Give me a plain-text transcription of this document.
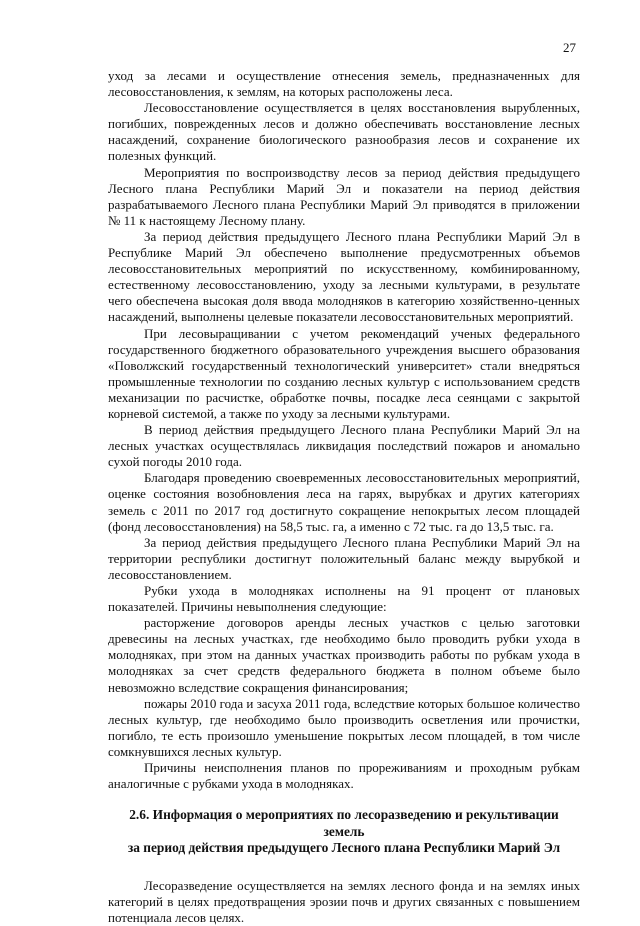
27

уход за лесами и осуществление отнесения земель, предназначенных для лесовосстановления, к землям, на которых расположены леса.

Лесовосстановление осуществляется в целях восстановления вырубленных, погибших, поврежденных лесов и должно обеспечивать восстановление лесных насаждений, сохранение биологического разнообразия лесов и сохранение их полезных функций.

Мероприятия по воспроизводству лесов за период действия предыдущего Лесного плана Республики Марий Эл и показатели на период действия разрабатываемого Лесного плана Республики Марий Эл приводятся в приложении № 11 к настоящему Лесному плану.

За период действия предыдущего Лесного плана Республики Марий Эл в Республике Марий Эл обеспечено выполнение предусмотренных объемов лесовосстановительных мероприятий по искусственному, комбинированному, естественному лесовосстановлению, уходу за лесными культурами, в результате чего обеспечена высокая доля ввода молодняков в категорию хозяйственно-ценных насаждений, выполнены целевые показатели лесовосстановительных мероприятий.

При лесовыращивании с учетом рекомендаций ученых федерального государственного бюджетного образовательного учреждения высшего образования «Поволжский государственный технологический университет» стали внедряться промышленные технологии по созданию лесных культур с использованием средств механизации по расчистке, обработке почвы, посадке леса сеянцами с закрытой корневой системой, а также по уходу за лесными культурами.

В период действия предыдущего Лесного плана Республики Марий Эл на лесных участках осуществлялась ликвидация последствий пожаров и аномально сухой погоды 2010 года.

Благодаря проведению своевременных лесовосстановительных мероприятий, оценке состояния возобновления леса на гарях, вырубках и других категориях земель с 2011 по 2017 год достигнуто сокращение непокрытых лесом площадей (фонд лесовосстановления) на 58,5 тыс. га, а именно с 72 тыс. га до 13,5 тыс. га.

За период действия предыдущего Лесного плана Республики Марий Эл на территории республики достигнут положительный баланс между вырубкой и лесовосстановлением.

Рубки ухода в молодняках исполнены на 91 процент от плановых показателей. Причины невыполнения следующие:

расторжение договоров аренды лесных участков с целью заготовки древесины на лесных участках, где необходимо было проводить рубки ухода в молодняках, при этом на данных участках производить работы по рубкам ухода в молодняках за счет средств федерального бюджета в полном объеме было невозможно вследствие сокращения финансирования;

пожары 2010 года и засуха 2011 года, вследствие которых большое количество лесных культур, где необходимо было производить осветления или прочистки, погибло, те есть произошло уменьшение покрытых лесом площадей, в том числе сомкнувшихся лесных культур.

Причины неисполнения планов по прореживаниям и проходным рубкам аналогичные с рубками ухода в молодняках.

2.6. Информация о мероприятиях по лесоразведению и рекультивации земель
за период действия предыдущего Лесного плана Республики Марий Эл

Лесоразведение осуществляется на землях лесного фонда и на землях иных категорий в целях предотвращения эрозии почв и других связанных с повышением потенциала лесов целях.
